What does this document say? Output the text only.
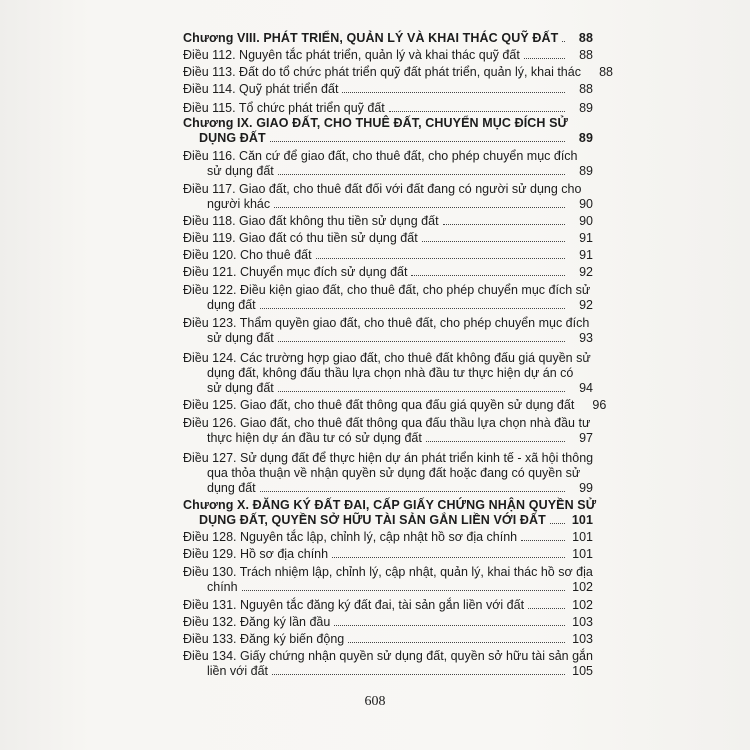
Chương VIII. PHÁT TRIỂN, QUẢN LÝ VÀ KHAI THÁC QUỸ ĐẤT	88
Điều 112. Nguyên tắc phát triển, quản lý và khai thác quỹ đất	88
Điều 113. Đất do tổ chức phát triển quỹ đất phát triển, quản lý, khai thác	88
Điều 114. Quỹ phát triển đất	88
Điều 115. Tổ chức phát triển quỹ đất	89
Chương IX. GIAO ĐẤT, CHO THUÊ ĐẤT, CHUYỂN MỤC ĐÍCH SỬ
DỤNG ĐẤT	89
Điều 116. Căn cứ để giao đất, cho thuê đất, cho phép chuyển mục đích
sử dụng đất	89
Điều 117. Giao đất, cho thuê đất đối với đất đang có người sử dụng cho
người khác	90
Điều 118. Giao đất không thu tiền sử dụng đất	90
Điều 119. Giao đất có thu tiền sử dụng đất	91
Điều 120. Cho thuê đất	91
Điều 121. Chuyển mục đích sử dụng đất	92
Điều 122. Điều kiện giao đất, cho thuê đất, cho phép chuyển mục đích sử
dụng đất	92
Điều 123. Thẩm quyền giao đất, cho thuê đất, cho phép chuyển mục đích
sử dụng đất	93
Điều 124. Các trường hợp giao đất, cho thuê đất không đấu giá quyền sử
dụng đất, không đấu thầu lựa chọn nhà đầu tư thực hiện dự án có
sử dụng đất	94
Điều 125. Giao đất, cho thuê đất thông qua đấu giá quyền sử dụng đất	96
Điều 126. Giao đất, cho thuê đất thông qua đấu thầu lựa chọn nhà đầu tư
thực hiện dự án đầu tư có sử dụng đất	97
Điều 127. Sử dụng đất để thực hiện dự án phát triển kinh tế - xã hội thông
qua thỏa thuận về nhận quyền sử dụng đất hoặc đang có quyền sử
dụng đất	99
Chương X. ĐĂNG KÝ ĐẤT ĐAI, CẤP GIẤY CHỨNG NHẬN QUYỀN SỬ
DỤNG ĐẤT, QUYỀN SỞ HỮU TÀI SẢN GẮN LIỀN VỚI ĐẤT 101
Điều 128. Nguyên tắc lập, chỉnh lý, cập nhật hồ sơ địa chính	101
Điều 129. Hồ sơ địa chính	101
Điều 130. Trách nhiệm lập, chỉnh lý, cập nhật, quản lý, khai thác hồ sơ địa
chính	102
Điều 131. Nguyên tắc đăng ký đất đai, tài sản gắn liền với đất	102
Điều 132. Đăng ký lần đầu	103
Điều 133. Đăng ký biến động	103
Điều 134. Giấy chứng nhận quyền sử dụng đất, quyền sở hữu tài sản gắn
liền với đất	105
608
